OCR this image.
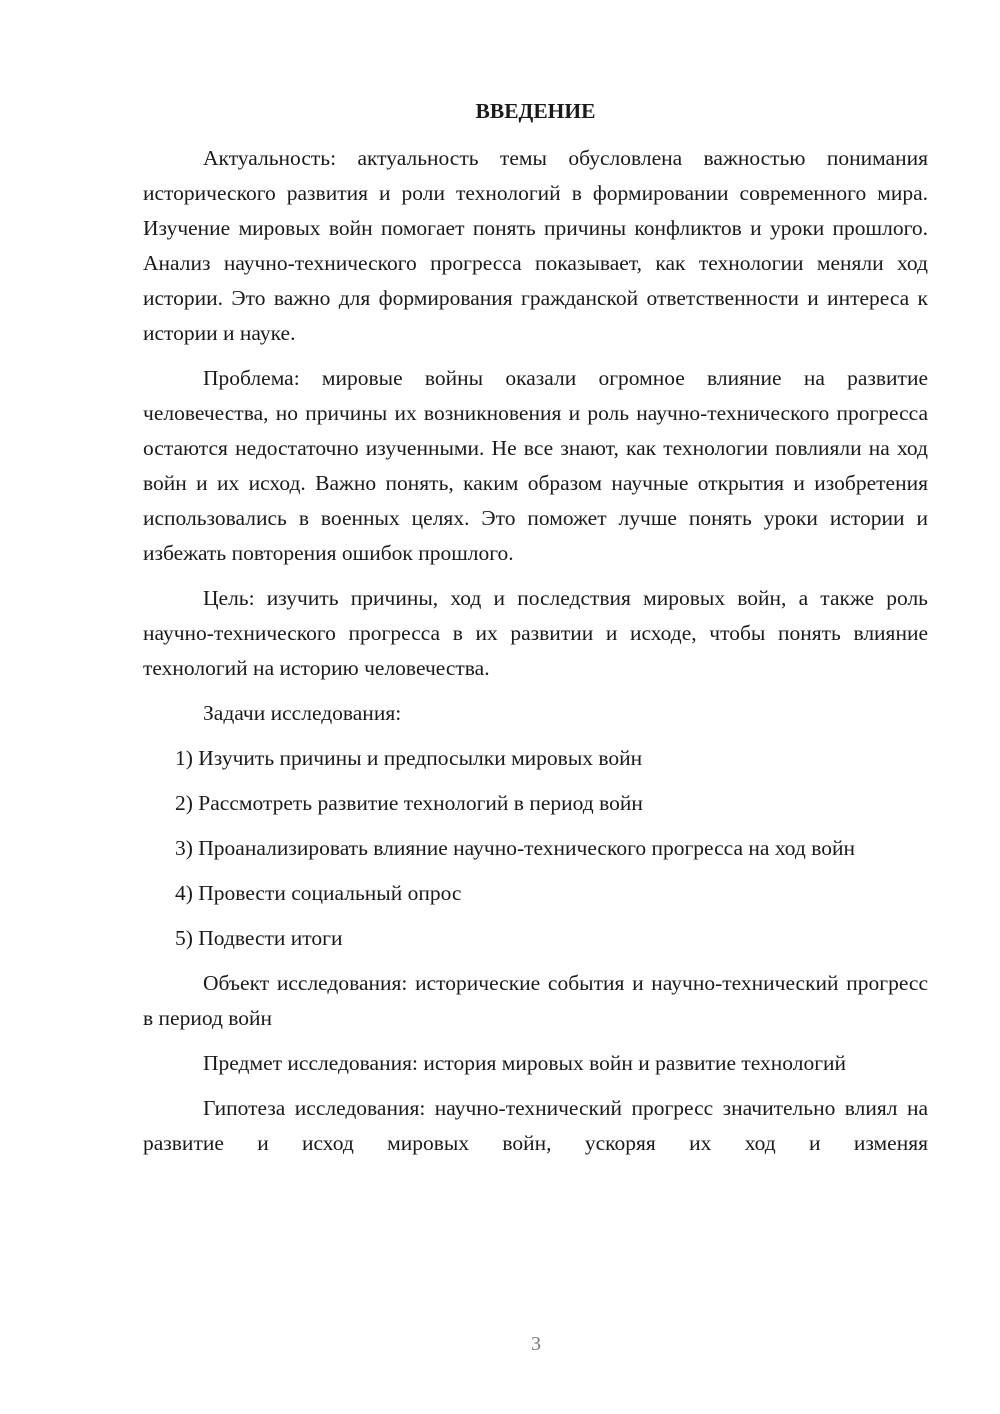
ВВЕДЕНИЕ

Актуальность: актуальность темы обусловлена важностью понимания исторического развития и роли технологий в формировании современного мира. Изучение мировых войн помогает понять причины конфликтов и уроки прошлого. Анализ научно-технического прогресса показывает, как технологии меняли ход истории. Это важно для формирования гражданской ответственности и интереса к истории и науке.

Проблема: мировые войны оказали огромное влияние на развитие человечества, но причины их возникновения и роль научно-технического прогресса остаются недостаточно изученными. Не все знают, как технологии повлияли на ход войн и их исход. Важно понять, каким образом научные открытия и изобретения использовались в военных целях. Это поможет лучше понять уроки истории и избежать повторения ошибок прошлого.

Цель: изучить причины, ход и последствия мировых войн, а также роль научно-технического прогресса в их развитии и исходе, чтобы понять влияние технологий на историю человечества.

Задачи исследования:

1) Изучить причины и предпосылки мировых войн

2) Рассмотреть развитие технологий в период войн

3) Проанализировать влияние научно-технического прогресса на ход войн

4) Провести социальный опрос

5) Подвести итоги

Объект исследования: исторические события и научно-технический прогресс в период войн

Предмет исследования: история мировых войн и развитие технологий

Гипотеза исследования: научно-технический прогресс значительно влиял на развитие и исход мировых войн, ускоряя их ход и изменяя

3
